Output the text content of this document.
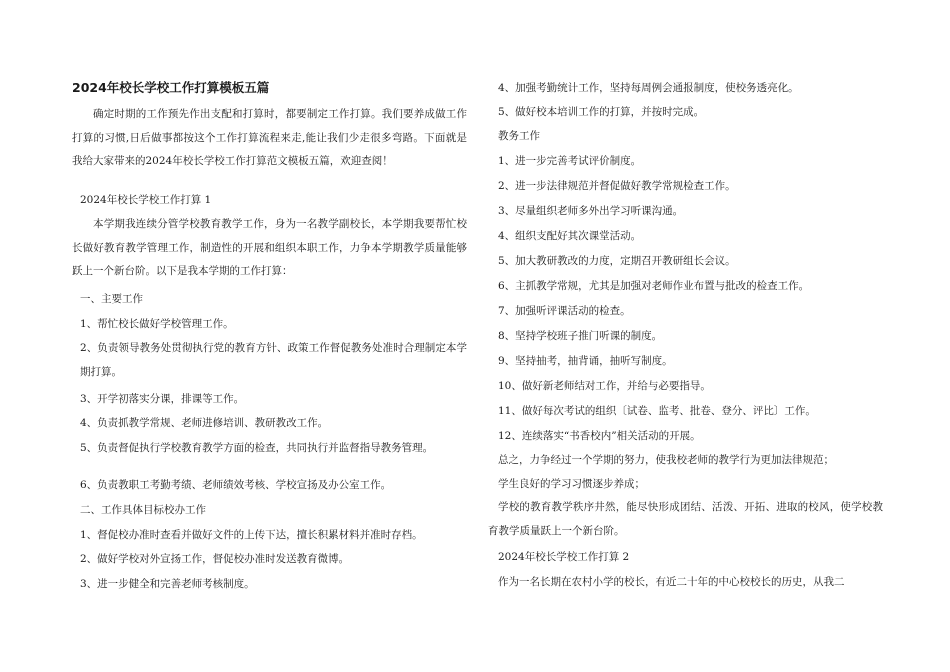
2024年校长学校工作打算模板五篇
确定时期的工作预先作出支配和打算时，都要制定工作打算。我们要养成做工作打算的习惯,日后做事都按这个工作打算流程来走,能让我们少走很多弯路。下面就是我给大家带来的2024年校长学校工作打算范文模板五篇，欢迎查阅！
2024年校长学校工作打算 1
本学期我连续分管学校教育教学工作，身为一名教学副校长，本学期我要帮忙校长做好教育教学管理工作，制造性的开展和组织本职工作，力争本学期教学质量能够跃上一个新台阶。以下是我本学期的工作打算：
一、主要工作
1、帮忙校长做好学校管理工作。
2、负责领导教务处贯彻执行党的教育方针、政策工作督促教务处准时合理制定本学期打算。
3、开学初落实分课，排课等工作。
4、负责抓教学常规、老师进修培训、教研教改工作。
5、负责督促执行学校教育教学方面的检查，共同执行并监督指导教务管理。
6、负责教职工考勤考绩、老师绩效考核、学校宣扬及办公室工作。
二、工作具体目标校办工作
1、督促校办准时查看并做好文件的上传下达，擅长积累材料并准时存档。
2、做好学校对外宣扬工作，督促校办准时发送教育微博。
3、进一步健全和完善老师考核制度。
4、加强考勤统计工作，坚持每周例会通报制度，使校务透亮化。
5、做好校本培训工作的打算，并按时完成。
教务工作
1、进一步完善考试评价制度。
2、进一步法律规范并督促做好教学常规检查工作。
3、尽量组织老师多外出学习听课沟通。
4、组织支配好其次课堂活动。
5、加大教研教改的力度，定期召开教研组长会议。
6、主抓教学常规，尤其是加强对老师作业布置与批改的检查工作。
7、加强听评课活动的检查。
8、坚持学校班子推门听课的制度。
9、坚持抽考，抽背诵，抽听写制度。
10、做好新老师结对工作，并给与必要指导。
11、做好每次考试的组织〔试卷、监考、批卷、登分、评比〕工作。
12、连续落实“书香校内”相关活动的开展。
总之，力争经过一个学期的努力，使我校老师的教学行为更加法律规范；
学生良好的学习习惯逐步养成；
学校的教育教学秩序井然，能尽快形成团结、活泼、开拓、进取的校风，使学校教育教学质量跃上一个新台阶。
2024年校长学校工作打算 2
作为一名长期在农村小学的校长，有近二十年的中心校校长的历史，从我二
